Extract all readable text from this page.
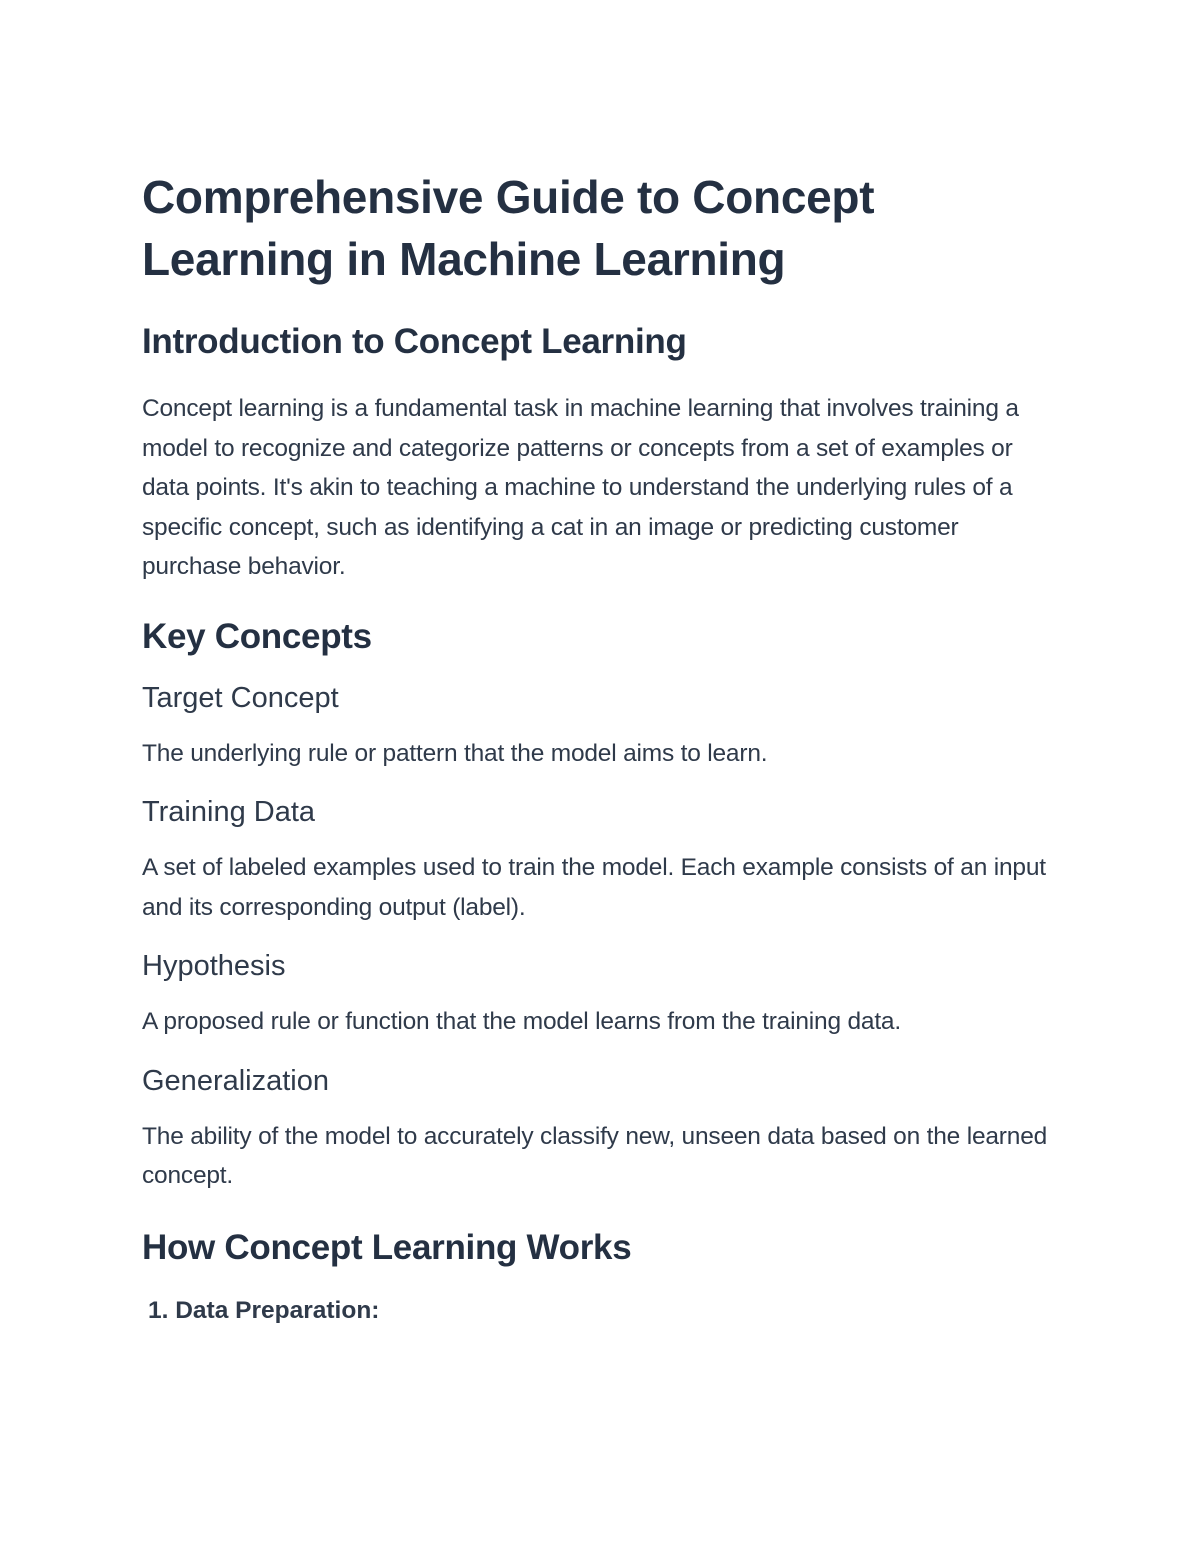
Comprehensive Guide to Concept Learning in Machine Learning
Introduction to Concept Learning

Concept learning is a fundamental task in machine learning that involves training a model to recognize and categorize patterns or concepts from a set of examples or data points. It's akin to teaching a machine to understand the underlying rules of a specific concept, such as identifying a cat in an image or predicting customer purchase behavior.

Key Concepts
Target Concept

The underlying rule or pattern that the model aims to learn.

Training Data

A set of labeled examples used to train the model. Each example consists of an input and its corresponding output (label).

Hypothesis

A proposed rule or function that the model learns from the training data.

Generalization

The ability of the model to accurately classify new, unseen data based on the learned concept.

How Concept Learning Works
1. Data Preparation:
